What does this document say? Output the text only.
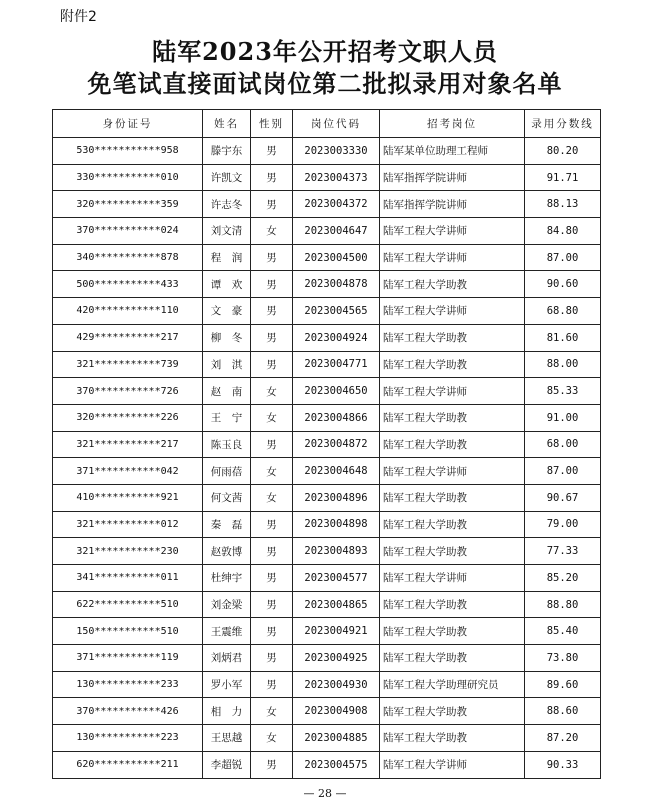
附件2
陆军2023年公开招考文职人员
免笔试直接面试岗位第二批拟录用对象名单
身份证号	姓名	性别	岗位代码	招考岗位	录用分数线
530***********958	滕宇东	男	2023003330	陆军某单位助理工程师	80.20
330***********010	许凯文	男	2023004373	陆军指挥学院讲师	91.71
320***********359	许志冬	男	2023004372	陆军指挥学院讲师	88.13
370***********024	刘文清	女	2023004647	陆军工程大学讲师	84.80
340***********878	程　润	男	2023004500	陆军工程大学讲师	87.00
500***********433	谭　欢	男	2023004878	陆军工程大学助教	90.60
420***********110	文　豪	男	2023004565	陆军工程大学讲师	68.80
429***********217	柳　冬	男	2023004924	陆军工程大学助教	81.60
321***********739	刘　淇	男	2023004771	陆军工程大学助教	88.00
370***********726	赵　南	女	2023004650	陆军工程大学讲师	85.33
320***********226	王　宁	女	2023004866	陆军工程大学助教	91.00
321***********217	陈玉良	男	2023004872	陆军工程大学助教	68.00
371***********042	何雨蓓	女	2023004648	陆军工程大学讲师	87.00
410***********921	何文茜	女	2023004896	陆军工程大学助教	90.67
321***********012	秦　磊	男	2023004898	陆军工程大学助教	79.00
321***********230	赵敦博	男	2023004893	陆军工程大学助教	77.33
341***********011	杜绅宇	男	2023004577	陆军工程大学讲师	85.20
622***********510	刘金梁	男	2023004865	陆军工程大学助教	88.80
150***********510	王震维	男	2023004921	陆军工程大学助教	85.40
371***********119	刘炳君	男	2023004925	陆军工程大学助教	73.80
130***********233	罗小军	男	2023004930	陆军工程大学助理研究员	89.60
370***********426	相　力	女	2023004908	陆军工程大学助教	88.60
130***********223	王思越	女	2023004885	陆军工程大学助教	87.20
620***********211	李超锐	男	2023004575	陆军工程大学讲师	90.33
— 28 —
